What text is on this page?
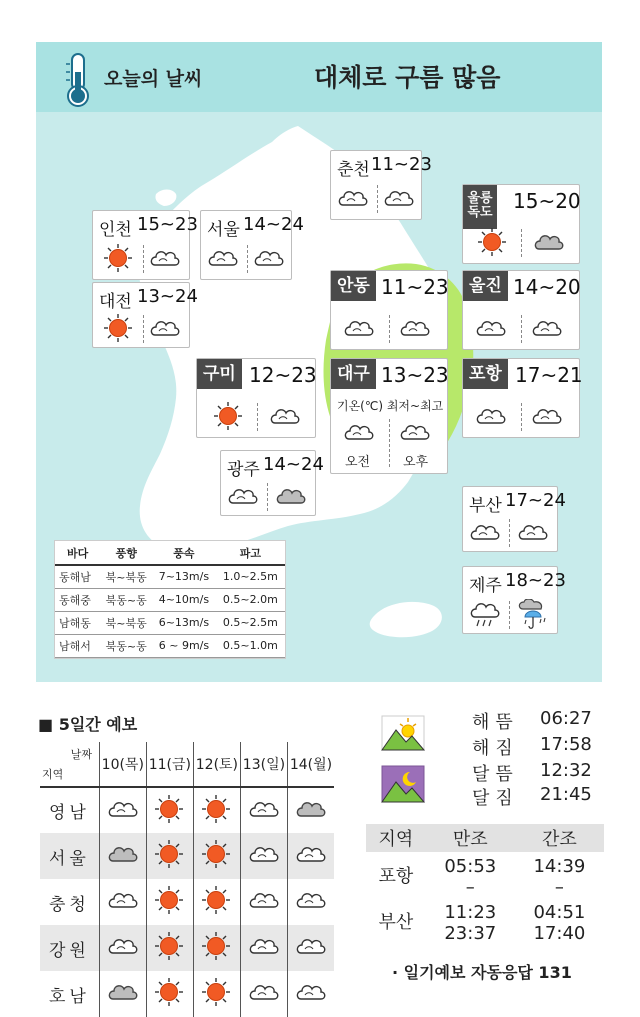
오늘의 날씨	대체로 구름 많음
인천 15~23 서울 14~24
춘천 11~23
울릉
독도 15~20
대전 13~24	안동 11~23	울진 14~20
구미 12~23	대구 13~23
기온(℃) 최저~최고
오전	오후
포항 17~21
광주 14~24
부산 17~24
제주 18~23
바다	풍향	풍속	파고
동해남	북~북동	7~13m/s	1.0~2.5m
동해중	북동~동	4~10m/s	0.5~2.0m
남해동	북~북동	6~13m/s	0.5~2.5m
남해서	북동~동	6 ~ 9m/s	0.5~1.0m
■ 5일간 예보
날짜
지역	10(목)	11(금)	12(토)	13(일)	14(월)
영남					
서울					
충청					
강원					
호남					
해뜸 06:27
해짐 17:58
달뜸 12:32
달짐 21:45
지역	만조	간조
포항	05:53	14:39
	–	–
부산	11:23	04:51
	23:37	17:40
· 일기예보 자동응답 131
